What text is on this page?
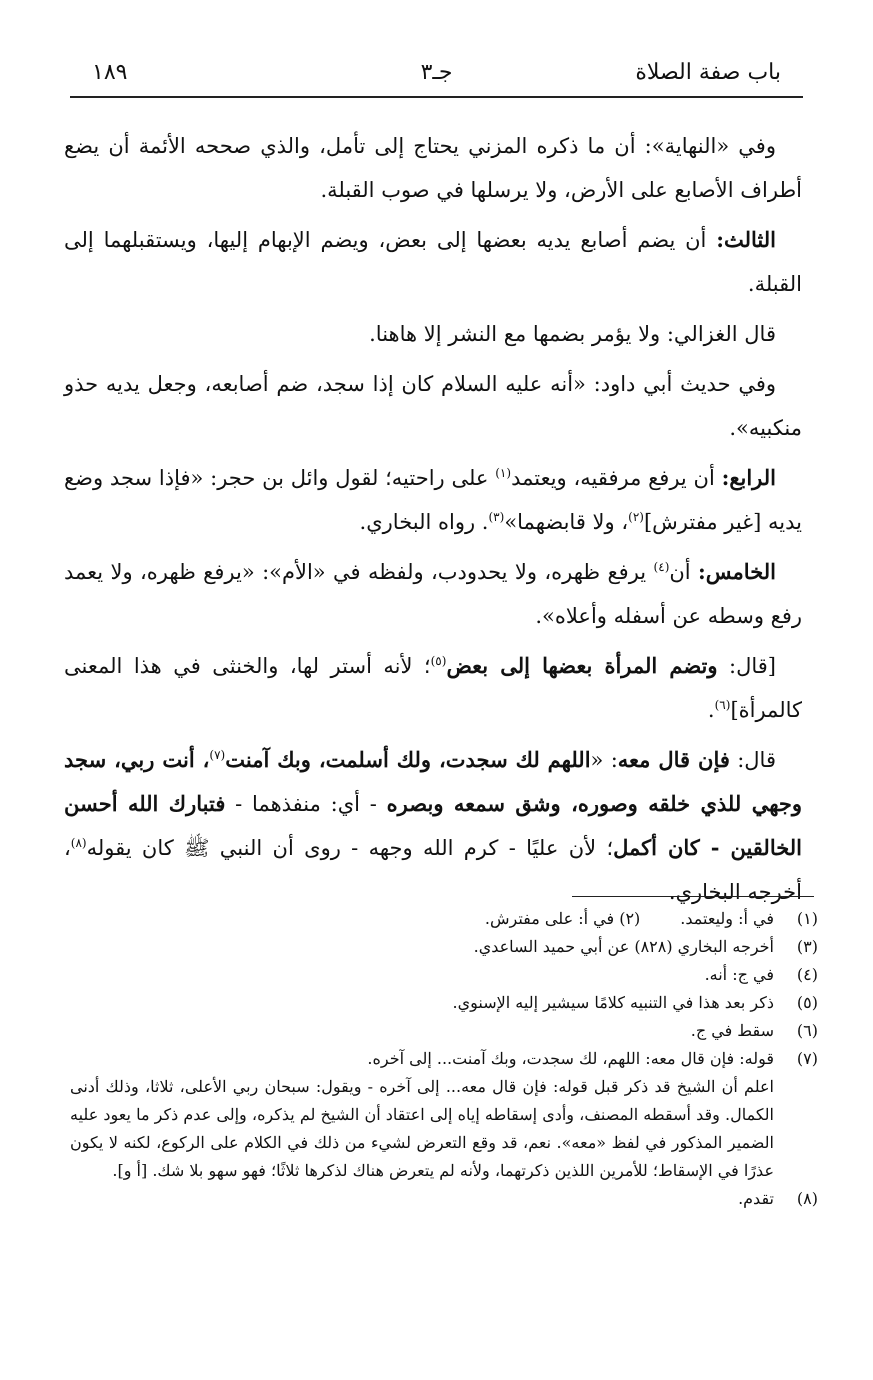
باب صفة الصلاة
جـ٣
١٨٩

وفي «النهاية»: أن ما ذكره المزني يحتاج إلى تأمل، والذي صححه الأئمة أن يضع أطراف الأصابع على الأرض، ولا يرسلها في صوب القبلة.

الثالث: أن يضم أصابع يديه بعضها إلى بعض، ويضم الإبهام إليها، ويستقبلهما إلى القبلة.

قال الغزالي: ولا يؤمر بضمها مع النشر إلا هاهنا.

وفي حديث أبي داود: «أنه عليه السلام كان إذا سجد، ضم أصابعه، وجعل يديه حذو منكبيه».

الرابع: أن يرفع مرفقيه، ويعتمد$^{(١)}$ على راحتيه؛ لقول وائل بن حجر: «فإذا سجد وضع يديه [غير مفترش]$^{(٢)}$، ولا قابضهما»$^{(٣)}$. رواه البخاري.

الخامس: أن$^{(٤)}$ يرفع ظهره، ولا يحدودب، ولفظه في «الأم»: «يرفع ظهره، ولا يعمد رفع وسطه عن أسفله وأعلاه».

[قال: وتضم المرأة بعضها إلى بعض$^{(٥)}$؛ لأنه أستر لها، والخنثى في هذا المعنى كالمرأة]$^{(٦)}$.

قال: فإن قال معه: «اللهم لك سجدت، ولك أسلمت، وبك آمنت$^{(٧)}$، أنت ربي، سجد وجهي للذي خلقه وصوره، وشق سمعه وبصره - أي: منفذهما - فتبارك الله أحسن الخالقين - كان أكمل؛ لأن عليًا - كرم الله وجهه - روى أن النبي ﷺ كان يقوله$^{(٨)}$، أخرجه البخاري.

(١)
في أ: وليعتمد.(٢) في أ: على مفترش.
(٣)
أخرجه البخاري (٨٢٨) عن أبي حميد الساعدي.
(٤)
في ج: أنه.
(٥)
ذكر بعد هذا في التنبيه كلامًا سيشير إليه الإسنوي.
(٦)
سقط في ج.
(٧)
قوله: فإن قال معه: اللهم، لك سجدت، وبك آمنت... إلى آخره.
اعلم أن الشيخ قد ذكر قبل قوله: فإن قال معه... إلى آخره - ويقول: سبحان ربي الأعلى، ثلاثا، وذلك أدنى الكمال. وقد أسقطه المصنف، وأدى إسقاطه إياه إلى اعتقاد أن الشيخ لم يذكره، وإلى عدم ذكر ما يعود عليه الضمير المذكور في لفظ «معه». نعم، قد وقع التعرض لشيء من ذلك في الكلام على الركوع، لكنه لا يكون عذرًا في الإسقاط؛ للأمرين اللذين ذكرتهما، ولأنه لم يتعرض هناك لذكرها ثلاثًا؛ فهو سهو بلا شك. [أ و].
(٨)
تقدم.
